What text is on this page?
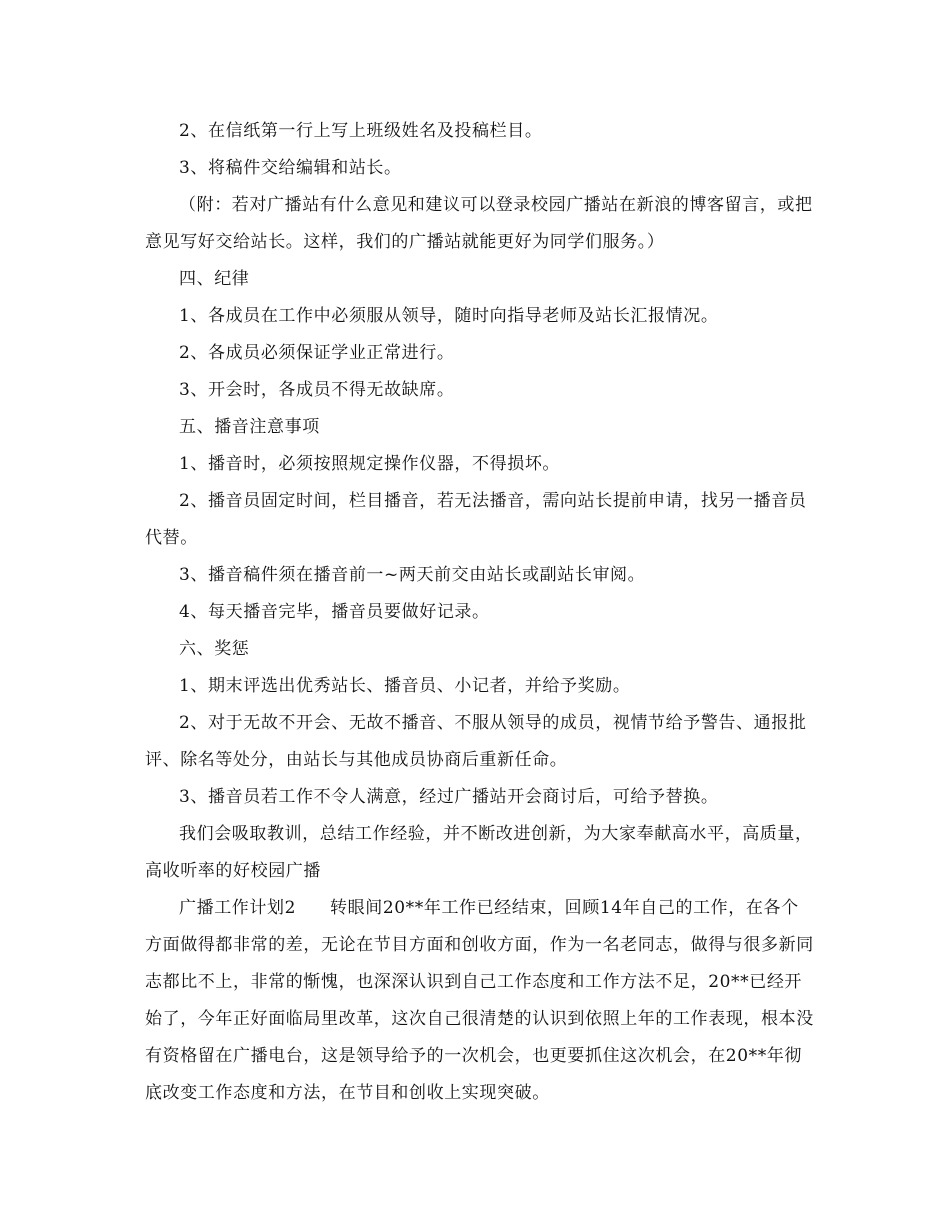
2、在信纸第一行上写上班级姓名及投稿栏目。

3、将稿件交给编辑和站长。

（附：若对广播站有什么意见和建议可以登录校园广播站在新浪的博客留言，或把意见写好交给站长。这样，我们的广播站就能更好为同学们服务。）

四、纪律

1、各成员在工作中必须服从领导，随时向指导老师及站长汇报情况。

2、各成员必须保证学业正常进行。

3、开会时，各成员不得无故缺席。

五、播音注意事项

1、播音时，必须按照规定操作仪器，不得损坏。

2、播音员固定时间，栏目播音，若无法播音，需向站长提前申请，找另一播音员代替。

3、播音稿件须在播音前一~两天前交由站长或副站长审阅。

4、每天播音完毕，播音员要做好记录。

六、奖惩

1、期末评选出优秀站长、播音员、小记者，并给予奖励。

2、对于无故不开会、无故不播音、不服从领导的成员，视情节给予警告、通报批评、除名等处分，由站长与其他成员协商后重新任命。

3、播音员若工作不令人满意，经过广播站开会商讨后，可给予替换。

我们会吸取教训，总结工作经验，并不断改进创新，为大家奉献高水平，高质量，高收听率的好校园广播

广播工作计划2 转眼间20**年工作已经结束，回顾14年自己的工作，在各个方面做得都非常的差，无论在节目方面和创收方面，作为一名老同志，做得与很多新同志都比不上，非常的惭愧，也深深认识到自己工作态度和工作方法不足，20**已经开始了，今年正好面临局里改革，这次自己很清楚的认识到依照上年的工作表现，根本没有资格留在广播电台，这是领导给予的一次机会，也更要抓住这次机会，在20**年彻底改变工作态度和方法，在节目和创收上实现突破。
